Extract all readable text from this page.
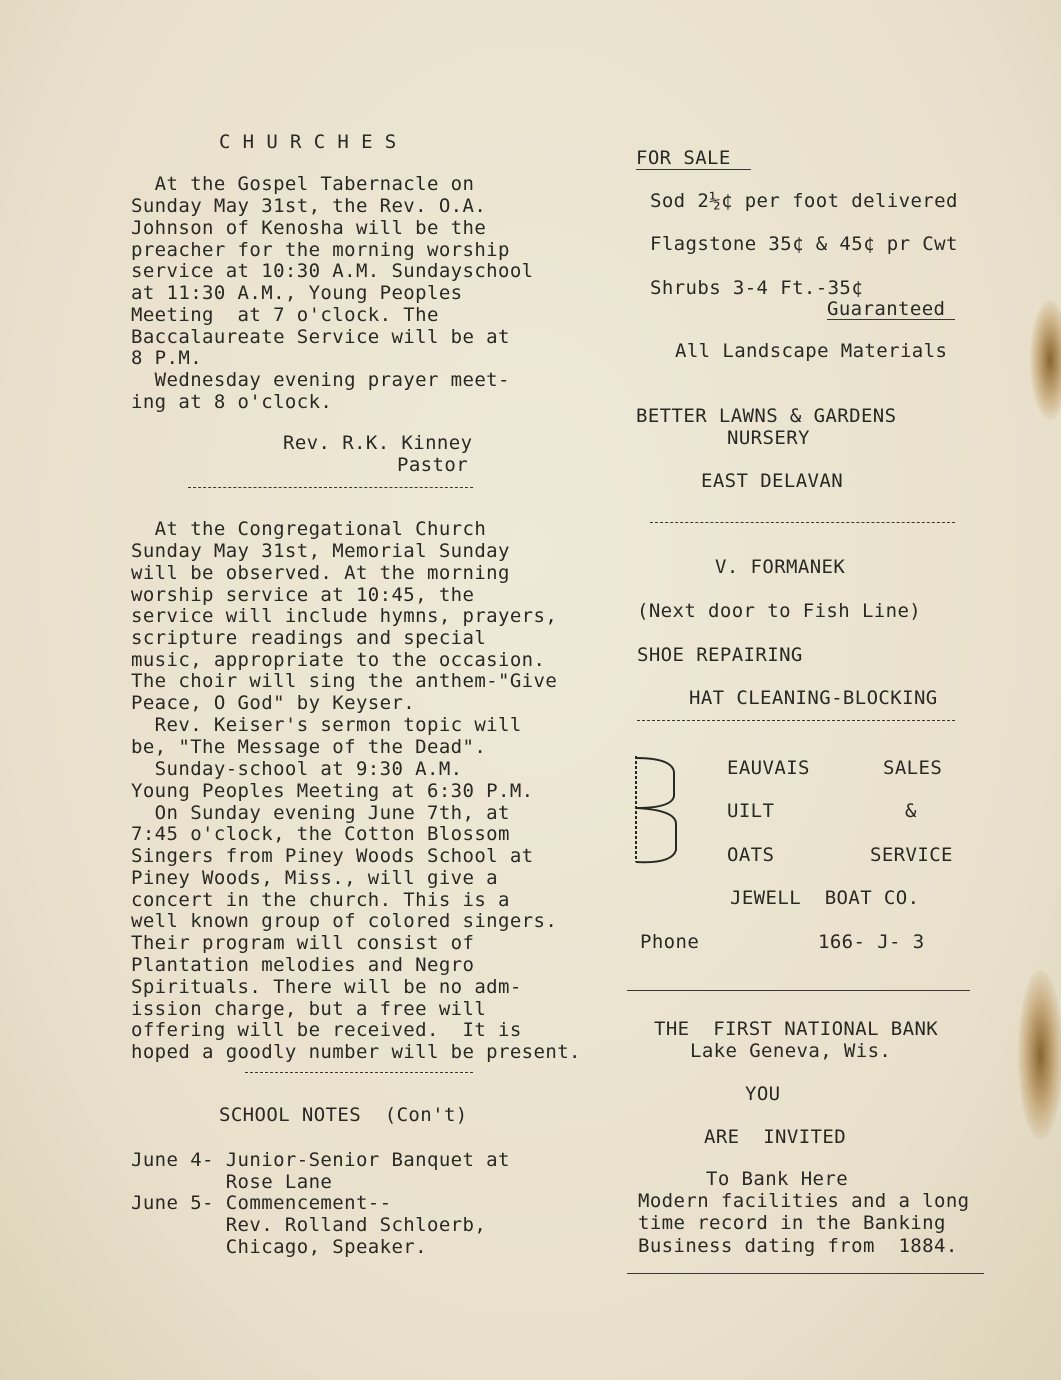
C H U R C H E S
At the Gospel Tabernacle on
Sunday May 31st, the Rev. O.A.
Johnson of Kenosha will be the
preacher for the morning worship
service at 10:30 A.M. Sundayschool
at 11:30 A.M., Young Peoples
Meeting  at 7 o'clock. The
Baccalaureate Service will be at
8 P.M.
Wednesday evening prayer meet-
ing at 8 o'clock.
Rev. R.K. Kinney
Pastor
At the Congregational Church
Sunday May 31st, Memorial Sunday
will be observed. At the morning
worship service at 10:45, the
service will include hymns, prayers,
scripture readings and special
music, appropriate to the occasion.
The choir will sing the anthem-"Give
Peace, O God" by Keyser.
Rev. Keiser's sermon topic will
be, "The Message of the Dead".
Sunday-school at 9:30 A.M.
Young Peoples Meeting at 6:30 P.M.
On Sunday evening June 7th, at
7:45 o'clock, the Cotton Blossom
Singers from Piney Woods School at
Piney Woods, Miss., will give a
concert in the church. This is a
well known group of colored singers.
Their program will consist of
Plantation melodies and Negro
Spirituals. There will be no adm-
ission charge, but a free will
offering will be received.  It is
hoped a goodly number will be present.
SCHOOL NOTES  (Con't)
June 4- Junior-Senior Banquet at
Rose Lane
June 5- Commencement--
Rev. Rolland Schloerb,
Chicago, Speaker.
FOR SALE
Sod 2½¢ per foot delivered
Flagstone 35¢ & 45¢ pr Cwt
Shrubs 3-4 Ft.-35¢
Guaranteed
All Landscape Materials
BETTER LAWNS & GARDENS
NURSERY
EAST DELAVAN
V. FORMANEK
(Next door to Fish Line)
SHOE REPAIRING
HAT CLEANING-BLOCKING
EAUVAIS	SALES
UILT	&
OATS	SERVICE
JEWELL  BOAT CO.
Phone	166- J- 3
THE  FIRST NATIONAL BANK
Lake Geneva, Wis.
YOU
ARE  INVITED
To Bank Here
Modern facilities and a long
time record in the Banking
Business dating from  1884.
